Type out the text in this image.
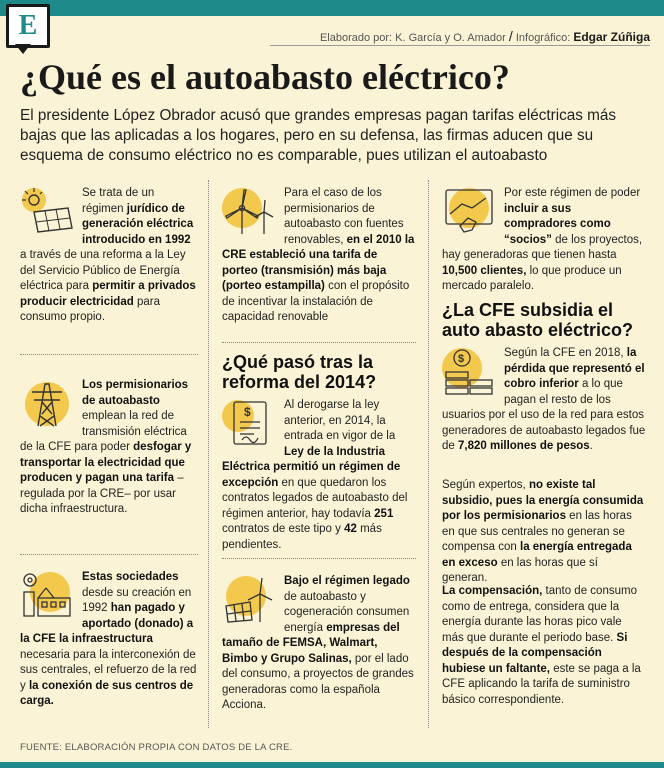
E	Elaborado por: K. García y O. Amador / Infográfico: Edgar Zúñiga
¿Qué es el autoabasto eléctrico?

El presidente López Obrador acusó que grandes empresas pagan tarifas eléctricas más bajas que las aplicadas a los hogares, pero en su defensa, las firmas aducen que su esquema de consumo eléctrico no es comparable, pues utilizan el autoabasto

Se trata de un régimen jurídico de generación eléctrica introducido en 1992 a través de una reforma a la Ley del Servicio Público de Energía eléctrica para permitir a privados producir electricidad para consumo propio.
Los permisionarios de autoabasto emplean la red de transmisión eléctrica de la CFE para poder desfogar y transportar la electricidad que producen y pagan una tarifa –regulada por la CRE– por usar dicha infraestructura.
Estas sociedades desde su creación en 1992 han pagado y aportado (donado) a la CFE la infraestructura necesaria para la interconexión de sus centrales, el refuerzo de la red y la conexión de sus centros de carga.
Para el caso de los permisionarios de autoabasto con fuentes renovables, en el 2010 la CRE estableció una tarifa de porteo (transmisión) más baja (porteo estampilla) con el propósito de incentivar la instalación de capacidad renovable
¿Qué pasó tras la reforma del 2014?
$	Al derogarse la ley anterior, en 2014, la entrada en vigor de la Ley de la Industria Eléctrica permitió un régimen de excepción en que quedaron los contratos legados de autoabasto del régimen anterior, hay todavía 251 contratos de este tipo y 42 más pendientes.
Bajo el régimen legado de autoabasto y cogeneración consumen energía empresas del tamaño de FEMSA, Walmart, Bimbo y Grupo Salinas, por el lado del consumo, a proyectos de grandes generadoras como la española Acciona.
Por este régimen de poder incluir a sus compradores como “socios” de los proyectos, hay generadoras que tienen hasta 10,500 clientes, lo que produce un mercado paralelo.
¿La CFE subsidia el auto abasto eléctrico?
$	Según la CFE en 2018, la pérdida que representó el cobro inferior a lo que pagan el resto de los usuarios por el uso de la red para estos generadores de autoabasto legados fue de 7,820 millones de pesos.
Según expertos, no existe tal subsidio, pues la energía consumida por los permisionarios en las horas en que sus centrales no generan se compensa con la energía entregada en exceso en las horas que sí generan.
La compensación, tanto de consumo como de entrega, considera que la energía durante las horas pico vale más que durante el periodo base. Si después de la compensación hubiese un faltante, este se paga a la CFE aplicando la tarifa de suministro básico correspondiente.
FUENTE: ELABORACIÓN PROPIA CON DATOS DE LA CRE.
